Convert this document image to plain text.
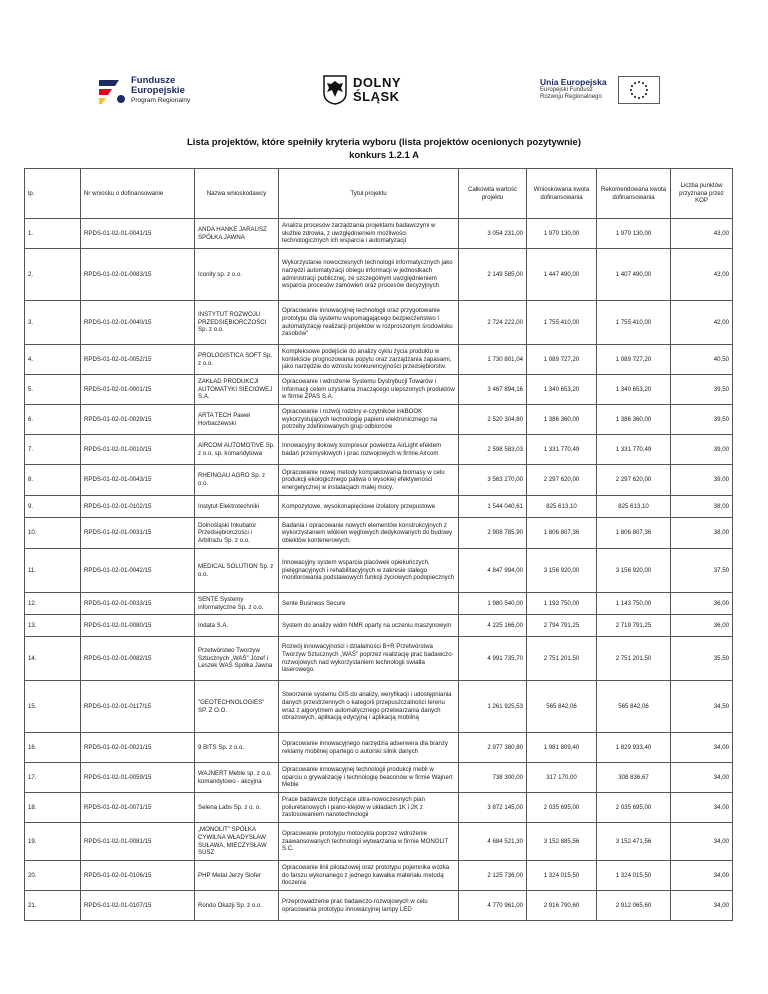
Fundusze
Europejskie
Program Regionalny
DOLNY
ŚLĄSK
Unia Europejska
Europejski Fundusz
Rozwoju Regionalnego
Lista projektów, które spełniły kryteria wyboru (lista projektów ocenionych pozytywnie)
konkurs 1.2.1 A
lp.	Nr wniosku o dofinansowanie	Nazwa wnioskodawcy	Tytuł projektu	Całkowita wartość projektu	Wnioskowana kwota dofinansowania	Rekomendowana kwota dofinansowania	Liczba punktów przyznana przez KOP
1.	RPDS-01-02-01-0041/15	ANDA HANKE JARAUSZ SPÓŁKA JAWNA	Analiza procesów zarządzania projektami badawczymi w służbie zdrowia, z uwzględnieniem możliwości technologicznych ich wsparcia i automatyzacji	3 054 231,00	1 970 130,00	1 970 130,00	43,00
2.	RPDS-01-02-01-0083/15	Iconity sp. z o.o.	Wykorzystanie nowoczesnych technologii informatycznych jako narzędzi automatyzacji obiegu informacji w jednostkach administracji publicznej, ze szczególnym uwzględnieniem wsparcia procesów zamówień oraz procesów decyzyjnych	2 149 585,00	1 447 490,00	1 407 490,00	43,00
3.	RPDS-01-02-01-0040/15	INSTYTUT ROZWOJU PRZEDSIĘBIORCZOŚCI Sp. z o.o.	Opracowanie innowacyjnej technologii oraz przygotowanie prototypu dla systemu wspomagającego bezpieczeństwo i automatyzację realizacji projektów w rozproszonym środowisku zasobów"	2 724 222,00	1 755 410,00	1 755 410,00	42,00
4.	RPDS-01-02-01-0052/15	PROLOGISTICA SOFT Sp. z o.o.	Kompleksowe podejście do analizy cyklu życia produktu w kontekście prognozowania popytu oraz zarządzania zapasami, jako narzędzie do wzrostu konkurencyjności przedsiębiorstw.	1 730 801,04	1 089 727,20	1 089 727,20	40,50
5.	RPDS-01-02-01-0001/15	ZAKŁAD PRODUKCJI AUTOMATYKI SIECIOWEJ S.A.	Opracowanie i wdrożenie Systemu Dystrybucji Towarów i Informacji celem uzyskania znaczącego ulepszonych produktów w firmie ZPAS S.A.	3 467 894,16	1 340 653,20	1 340 653,20	39,50
6.	RPDS-01-02-01-0029/15	ARTA TECH Paweł Horbaczewski	Opracowanie i rozwój rodziny e-czytników inkBOOK wykorzystujących technologię papieru elektronicznego na potrzeby zdefiniowanych grup odbiorców	2 520 304,80	1 386 360,00	1 386 360,00	39,50
7.	RPDS-01-02-01-0010/15	AIRCOM AUTOMOTIVE Sp. z o.o. sp. komandytowa	Innowacyjny tłokowy kompresor powietrza AirLight efektem badań przemysłowych i prac rozwojowych w firmie Aircom	2 598 583,03	1 331 770,49	1 331 770,49	39,00
8.	RPDS-01-02-01-0043/15	RHEINGAU AGRO Sp. z o.o.	Opracowanie nowej metody kompaktowania biomasy w celu produkcji ekologicznego paliwa o wysokiej efektywności energetycznej w instalacjach małej mocy.	3 563 270,00	2 297 620,00	2 297 620,00	39,00
9.	RPDS-01-02-01-0102/15	Instytut Elektrotechniki	Kompozytowe, wysokonapięciowe izolatory przepustowe	1 544 040,61	825 613,10	825 613,10	38,00
10.	RPDS-01-02-01-0031/15	Dolnośląski Inkubator Przedsiębiorczości i Arbitrażu Sp. z o.o.	Badania i opracowanie nowych elementów konstrukcyjnych z wykorzystaniem włókien węglowych dedykowanych do budowy obiektów kontenerowych.	2 908 785,90	1 806 807,36	1 806 807,36	38,00
11.	RPDS-01-02-01-0042/15	MEDICAL SOLUTION Sp. z o.o.	Innowacyjny system wsparcia placówek opiekuńczych, pielęgnacyjnych i rehabilitacyjnych w zakresie stałego monitorowania podstawowych funkcji życiowych podopiecznych	4 847 994,00	3 156 920,00	3 156 920,00	37,50
12.	RPDS-01-02-01-0033/15	SENTE Systemy informatyczne Sp. z o.o.	Sente Business Secure	1 980 540,00	1 193 750,00	1 143 750,00	36,00
13.	RPDS-01-02-01-0080/15	Indata S.A.	System do analizy widm NMR oparty na uczeniu maszynowym	4 225 166,00	2 794 791,25	2 719 791,25	36,00
14.	RPDS-01-02-01-0082/15	Przetwórstwo Tworzyw Sztucznych „WAŚ" Józef i Leszek WAŚ Spółka Jawna	Rozwój innowacyjności i działalności B+R Przetwórstwa Tworzyw Sztucznych „WAŚ" poprzez realizację prac badawczo-rozwojowych nad wykorzystaniem technologii światła laserowego.	4 991 735,70	2 751 201,50	2 751 201,50	35,50
15.	RPDS-01-02-01-0117/15	"GEOTECHNOLOGIES" SP. Z O.O.	Stworzenie systemu GIS do analizy, weryfikacji i udostępniania danych przestrzennych o kategorii przepuszczalności terenu wraz z algorytmem automatycznego przetwarzania danych obrazowych, aplikacją edycyjną i aplikacją mobilną	1 261 925,53	565 842,06	565 842,06	34,50
16.	RPDS-01-02-01-0021/15	9 BITS Sp. z o.o.	Opracowanie innowacyjnego narzędzia adserwera dla branży reklamy mobilnej opartego o autorski silnik danych	2 977 380,80	1 981 809,40	1 829 933,40	34,00
17.	RPDS-01-02-01-0059/15	WAJNERT Meble sp. z o.o. komandytowo - akcyjna	Opracowanie innowacyjnej technologii produkcji mebli w oparciu o grywalizację i technologię beaconów w firmie Wajnert Meble	738 300,00	317 170,00	308 836,67	34,00
18.	RPDS-01-02-01-0071/15	Selena Labs Sp. z o. o.	Prace badawcze dotyczące ultra-nowoczesnych pian poliuretanowych i piano-klejów w układach 1K i 2K z zastosowaniem nanotechnologii	3 872 145,00	2 035 695,00	2 035 695,00	34,00
19.	RPDS-01-02-01-0081/15	„MONOLIT" SPÓŁKA CYWILNA WŁADYSŁAW SUŁAWA, MIECZYSŁAW SUSZ	Opracowanie prototypu motocykla poprzez wdrożenie zaawansowanych technologii wytwarzania w firmie MONOLIT S.C.	4 684 521,30	3 152 885,56	3 152 471,56	34,00
20.	RPDS-01-02-01-0106/15	PHP Metal Jerzy Siofer	Opracowanie linii pilotażowej oraz prototypu pojemnika wózka do farszu wykonanego z jednego kawałka materiału metodą tłoczenia	2 125 736,00	1 324 015,50	1 324 015,50	34,00
21.	RPDS-01-02-01-0107/15	Rondo Okazji Sp. z o.o.	Przeprowadzenie prac badawczo-rozwojowych w celu opracowania prototypu innowacyjnej lampy LED	4 770 961,00	2 916 790,60	2 912 065,60	34,00
